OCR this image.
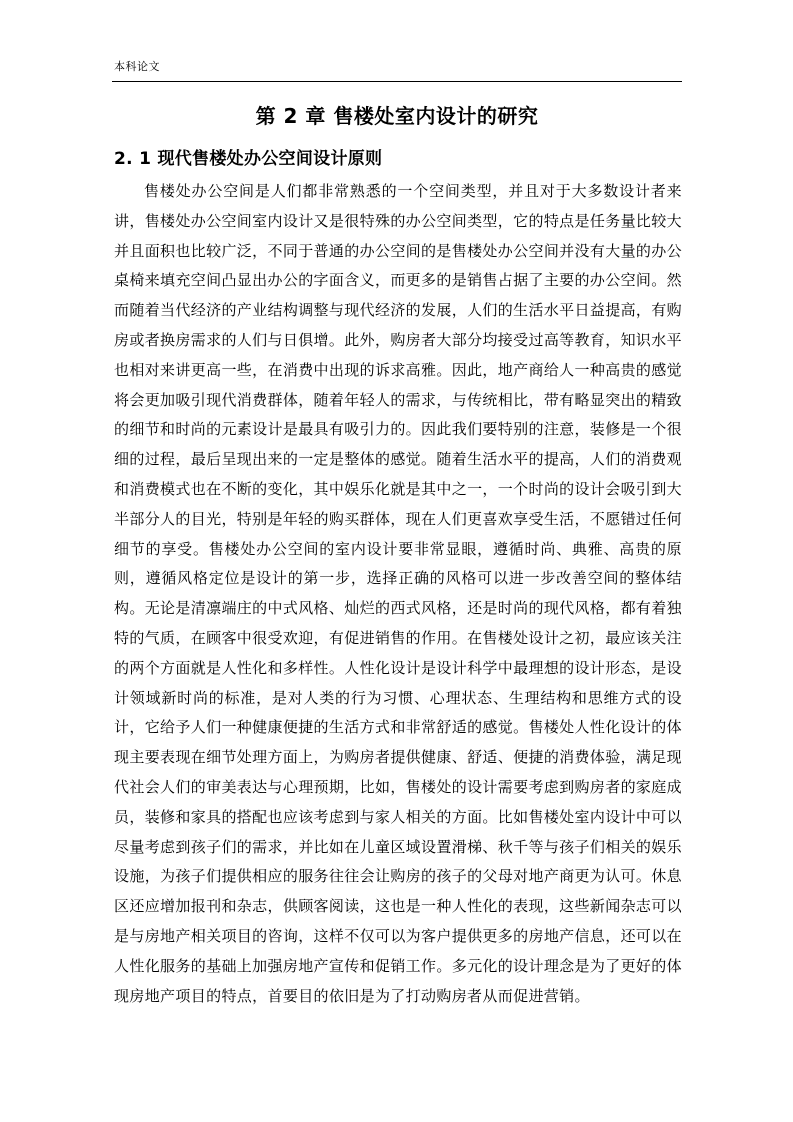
本科论文
第 2 章 售楼处室内设计的研究
2. 1 现代售楼处办公空间设计原则

售楼处办公空间是人们都非常熟悉的一个空间类型，并且对于大多数设计者来讲，售楼处办公空间室内设计又是很特殊的办公空间类型，它的特点是任务量比较大并且面积也比较广泛，不同于普通的办公空间的是售楼处办公空间并没有大量的办公桌椅来填充空间凸显出办公的字面含义，而更多的是销售占据了主要的办公空间。然而随着当代经济的产业结构调整与现代经济的发展，人们的生活水平日益提高，有购房或者换房需求的人们与日俱增。此外，购房者大部分均接受过高等教育，知识水平也相对来讲更高一些，在消费中出现的诉求高雅。因此，地产商给人一种高贵的感觉将会更加吸引现代消费群体，随着年轻人的需求，与传统相比，带有略显突出的精致的细节和时尚的元素设计是最具有吸引力的。因此我们要特别的注意，装修是一个很细的过程，最后呈现出来的一定是整体的感觉。随着生活水平的提高，人们的消费观和消费模式也在不断的变化，其中娱乐化就是其中之一，一个时尚的设计会吸引到大半部分人的目光，特别是年轻的购买群体，现在人们更喜欢享受生活，不愿错过任何细节的享受。售楼处办公空间的室内设计要非常显眼，遵循时尚、典雅、高贵的原则，遵循风格定位是设计的第一步，选择正确的风格可以进一步改善空间的整体结构。无论是清凛端庄的中式风格、灿烂的西式风格，还是时尚的现代风格，都有着独特的气质，在顾客中很受欢迎，有促进销售的作用。在售楼处设计之初，最应该关注的两个方面就是人性化和多样性。人性化设计是设计科学中最理想的设计形态，是设计领域新时尚的标准，是对人类的行为习惯、心理状态、生理结构和思维方式的设计，它给予人们一种健康便捷的生活方式和非常舒适的感觉。售楼处人性化设计的体现主要表现在细节处理方面上，为购房者提供健康、舒适、便捷的消费体验，满足现代社会人们的审美表达与心理预期，比如，售楼处的设计需要考虑到购房者的家庭成员，装修和家具的搭配也应该考虑到与家人相关的方面。比如售楼处室内设计中可以尽量考虑到孩子们的需求，并比如在儿童区域设置滑梯、秋千等与孩子们相关的娱乐设施，为孩子们提供相应的服务往往会让购房的孩子的父母对地产商更为认可。休息区还应增加报刊和杂志，供顾客阅读，这也是一种人性化的表现，这些新闻杂志可以是与房地产相关项目的咨询，这样不仅可以为客户提供更多的房地产信息，还可以在人性化服务的基础上加强房地产宣传和促销工作。多元化的设计理念是为了更好的体现房地产项目的特点，首要目的依旧是为了打动购房者从而促进营销。
